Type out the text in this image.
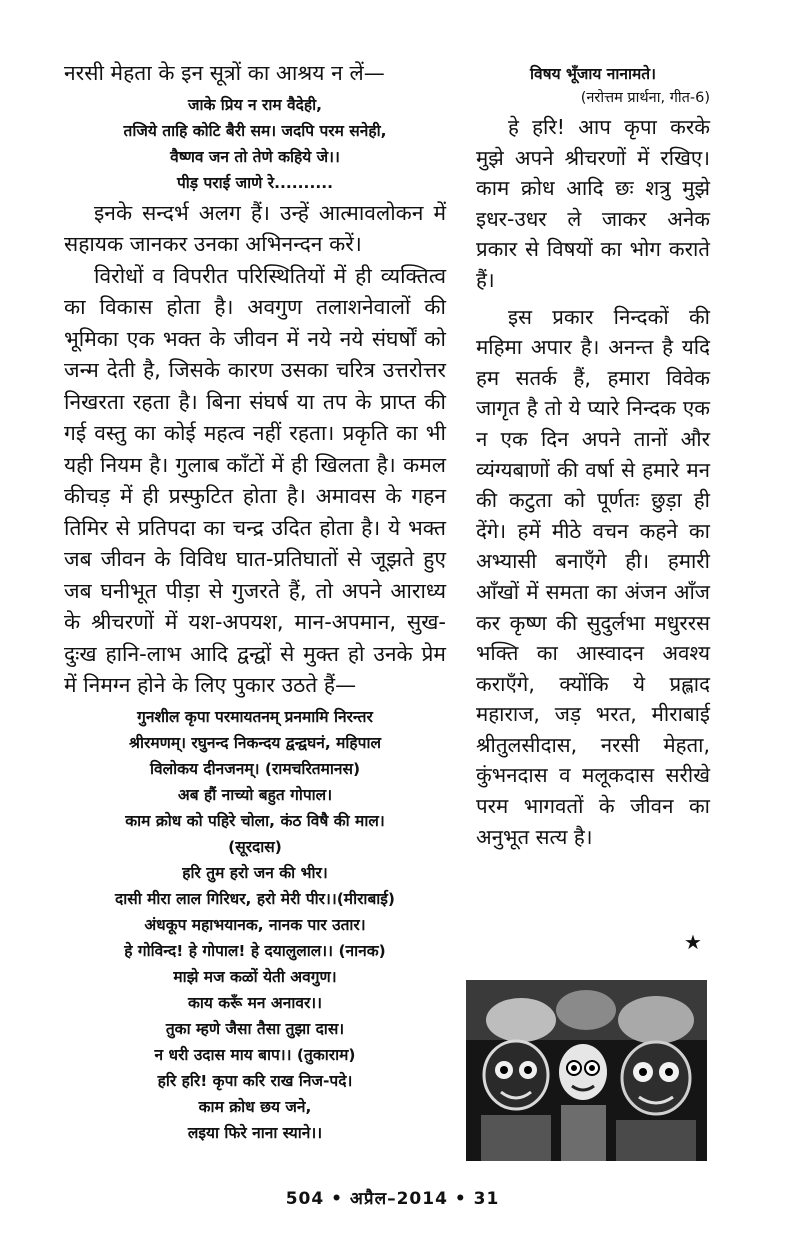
नरसी मेहता के इन सूत्रों का आश्रय न लें—

जाके प्रिय न राम वैदेही,

तजिये ताहि कोटि बैरी सम। जदपि परम सनेही,

वैष्णव जन तो तेणे कहिये जे।।

पीड़ पराई जाणे रे..........

इनके सन्दर्भ अलग हैं। उन्हें आत्मावलोकन में सहायक जानकर उनका अभिनन्दन करें।

विरोधों व विपरीत परिस्थितियों में ही व्यक्तित्व का विकास होता है। अवगुण तलाशनेवालों की भूमिका एक भक्त के जीवन में नये नये संघर्षों को जन्म देती है, जिसके कारण उसका चरित्र उत्तरोत्तर निखरता रहता है। बिना संघर्ष या तप के प्राप्त की गई वस्तु का कोई महत्व नहीं रहता। प्रकृति का भी यही नियम है। गुलाब काँटों में ही खिलता है। कमल कीचड़ में ही प्रस्फुटित होता है। अमावस के गहन तिमिर से प्रतिपदा का चन्द्र उदित होता है। ये भक्त जब जीवन के विविध घात-प्रतिघातों से जूझते हुए जब घनीभूत पीड़ा से गुजरते हैं, तो अपने आराध्य के श्रीचरणों में यश-अपयश, मान-अपमान, सुख-दुःख हानि-लाभ आदि द्वन्द्वों से मुक्त हो उनके प्रेम में निमग्न होने के लिए पुकार उठते हैं—

गुनशील कृपा परमायतनम् प्रनमामि निरन्तर

श्रीरमणम्। रघुनन्द निकन्दय द्वन्द्वघनं, महिपाल

विलोकय दीनजनम्। (रामचरितमानस)

अब हौं नाच्यो बहुत गोपाल।

काम क्रोध को पहिरे चोला, कंठ विषै की माल।

(सूरदास)

हरि तुम हरो जन की भीर।

दासी मीरा लाल गिरिधर, हरो मेरी पीर।।(मीराबाई)

अंधकूप महाभयानक, नानक पार उतार।

हे गोविन्द! हे गोपाल! हे दयालुलाल।। (नानक)

माझे मज कळों येती अवगुण।

काय करूँ मन अनावर।।

तुका म्हणे जैसा तैसा तुझा दास।

न धरी उदास माय बाप।। (तुकाराम)

हरि हरि! कृपा करि राख निज-पदे।

काम क्रोध छय जने,

लइया फिरे नाना स्याने।।

विषय भूँजाय नानामते।

(नरोत्तम प्रार्थना, गीत-6)

हे हरि! आप कृपा करके मुझे अपने श्रीचरणों में रखिए। काम क्रोध आदि छः शत्रु मुझे इधर-उधर ले जाकर अनेक प्रकार से विषयों का भोग कराते हैं।

इस प्रकार निन्दकों की महिमा अपार है। अनन्त है यदि हम सतर्क हैं, हमारा विवेक जागृत है तो ये प्यारे निन्दक एक न एक दिन अपने तानों और व्यंग्यबाणों की वर्षा से हमारे मन की कटुता को पूर्णतः छुड़ा ही देंगे। हमें मीठे वचन कहने का अभ्यासी बनाएँगे ही। हमारी आँखों में समता का अंजन आँज कर कृष्ण की सुदुर्लभा मधुररस भक्ति का आस्वादन अवश्य कराएँगे, क्योंकि ये प्रह्लाद महाराज, जड़ भरत, मीराबाई श्रीतुलसीदास, नरसी मेहता, कुंभनदास व मलूकदास सरीखे परम भागवतों के जीवन का अनुभूत सत्य है।

★
504 • अप्रैल–2014 • 31
